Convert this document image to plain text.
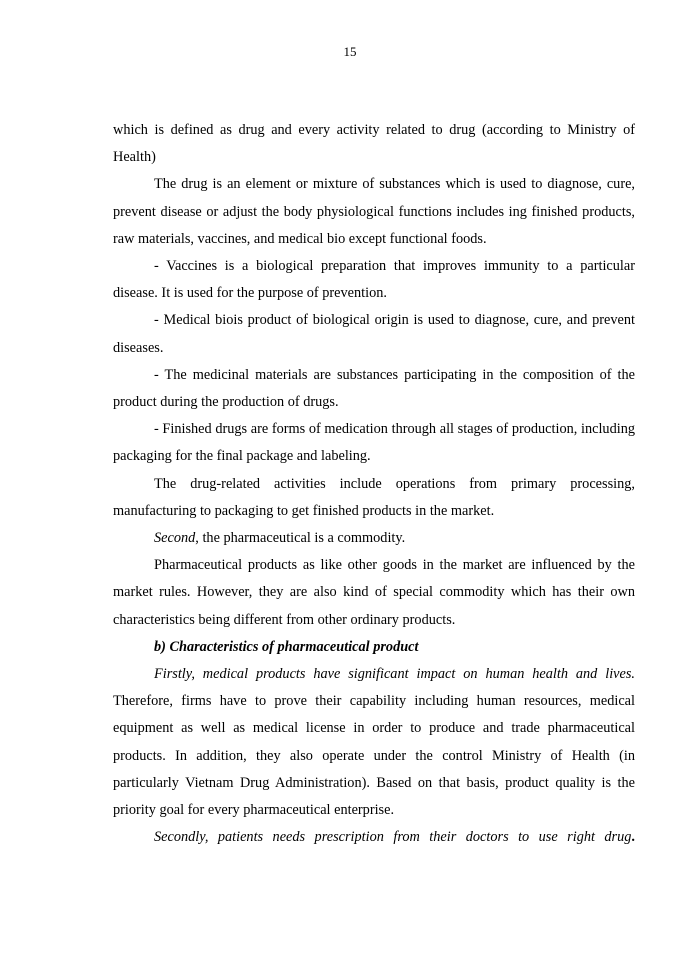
15

which is defined as drug and every activity related to drug (according to Ministry of Health)

The drug is an element or mixture of substances which is used to diagnose, cure, prevent disease or adjust the body physiological functions includes ing finished products, raw materials, vaccines, and medical bio except functional foods.

- Vaccines is a biological preparation that improves immunity to a particular disease. It is used for the purpose of prevention.

- Medical biois product of biological origin is used to diagnose, cure, and prevent diseases.

- The medicinal materials are substances participating in the composition of the product during the production of drugs.

- Finished drugs are forms of medication through all stages of production, including packaging for the final package and labeling.

The drug-related activities include operations from primary processing, manufacturing to packaging to get finished products in the market.

Second, the pharmaceutical is a commodity.

Pharmaceutical products as like other goods in the market are influenced by the market rules. However, they are also kind of special commodity which has their own characteristics being different from other ordinary products.

b) Characteristics of pharmaceutical product

Firstly, medical products have significant impact on human health and lives. Therefore, firms have to prove their capability including human resources, medical equipment as well as medical license in order to produce and trade pharmaceutical products. In addition, they also operate under the control Ministry of Health (in particularly Vietnam Drug Administration). Based on that basis, product quality is the priority goal for every pharmaceutical enterprise.

Secondly, patients needs prescription from their doctors to use right drug.
